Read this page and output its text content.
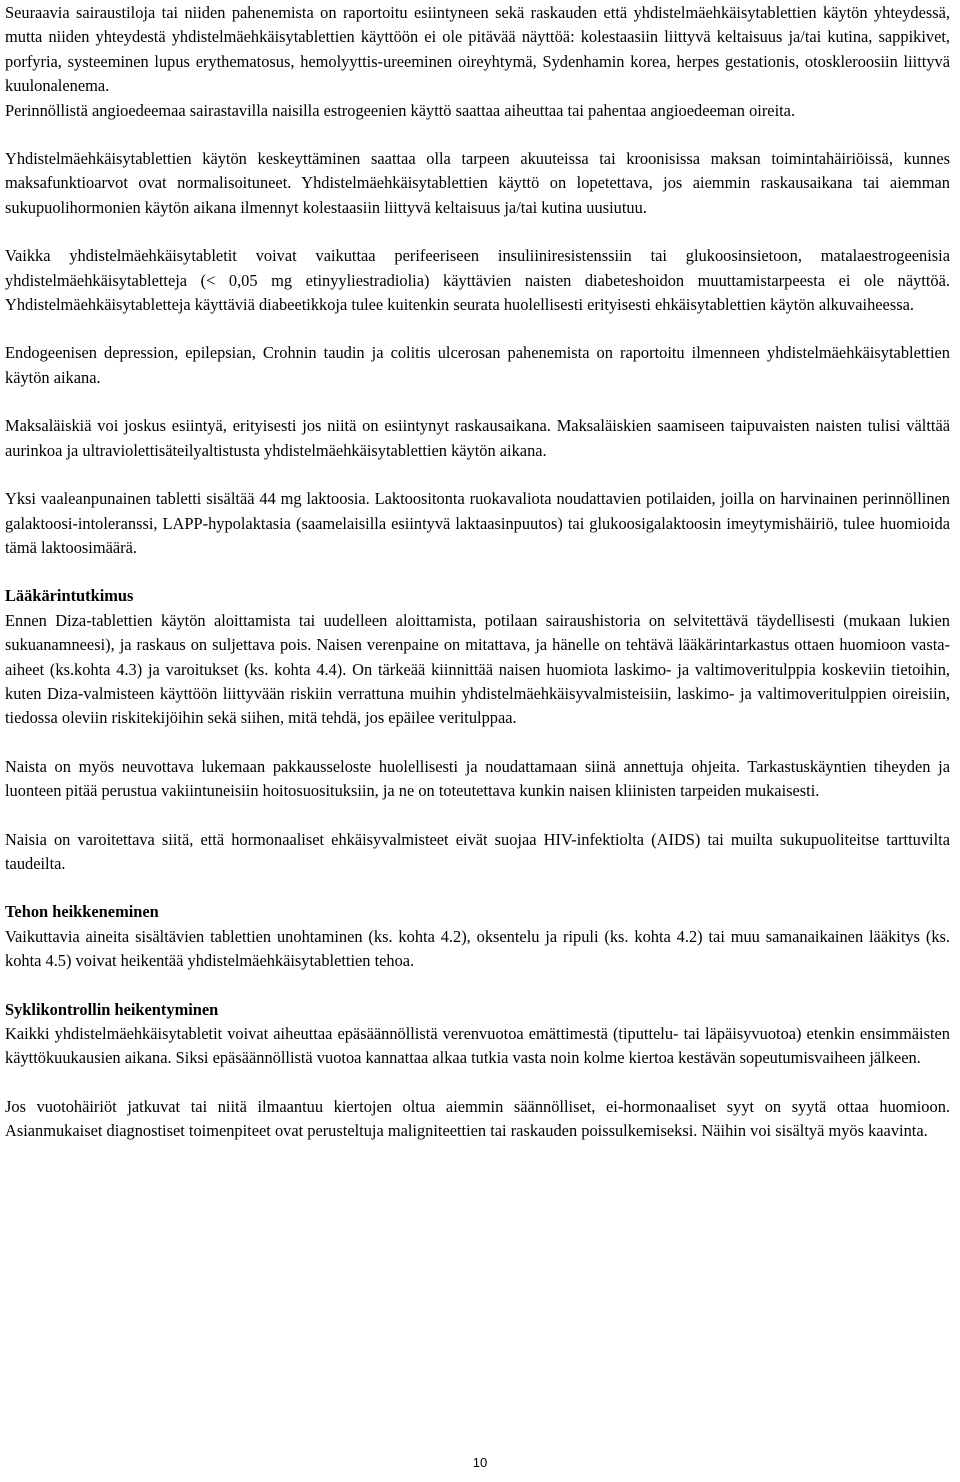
Seuraavia sairaustiloja tai niiden pahenemista on raportoitu esiintyneen sekä raskauden että yhdistelmäehkäisytablettien käytön yhteydessä, mutta niiden yhteydestä yhdistelmäehkäisytablettien käyttöön ei ole pitävää näyttöä: kolestaasiin liittyvä keltaisuus ja/tai kutina, sappikivet, porfyria, systeeminen lupus erythematosus, hemolyyttis-ureeminen oireyhtymä, Sydenhamin korea, herpes gestationis, otoskleroosiin liittyvä kuulonalenema.

Perinnöllistä angioedeemaa sairastavilla naisilla estrogeenien käyttö saattaa aiheuttaa tai pahentaa angioedeeman oireita.

Yhdistelmäehkäisytablettien käytön keskeyttäminen saattaa olla tarpeen akuuteissa tai kroonisissa maksan toimintahäiriöissä, kunnes maksafunktioarvot ovat normalisoituneet. Yhdistelmäehkäisytablettien käyttö on lopetettava, jos aiemmin raskausaikana tai aiemman sukupuolihormonien käytön aikana ilmennyt kolestaasiin liittyvä keltaisuus ja/tai kutina uusiutuu.

Vaikka yhdistelmäehkäisytabletit voivat vaikuttaa perifeeriseen insuliiniresistenssiin tai glukoosinsietoon, matalaestrogeenisia yhdistelmäehkäisytabletteja (< 0,05 mg etinyyliestradiolia) käyttävien naisten diabeteshoidon muuttamistarpeesta ei ole näyttöä. Yhdistelmäehkäisytabletteja käyttäviä diabeetikkoja tulee kuitenkin seurata huolellisesti erityisesti ehkäisytablettien käytön alkuvaiheessa.

Endogeenisen depression, epilepsian, Crohnin taudin ja colitis ulcerosan pahenemista on raportoitu ilmenneen yhdistelmäehkäisytablettien käytön aikana.

Maksaläiskiä voi joskus esiintyä, erityisesti jos niitä on esiintynyt raskausaikana. Maksaläiskien saamiseen taipuvaisten naisten tulisi välttää aurinkoa ja ultraviolettisäteilyaltistusta yhdistelmäehkäisytablettien käytön aikana.

Yksi vaaleanpunainen tabletti sisältää 44 mg laktoosia. Laktoositonta ruokavaliota noudattavien potilaiden, joilla on harvinainen perinnöllinen galaktoosi-intoleranssi, LAPP-hypolaktasia (saamelaisilla esiintyvä laktaasinpuutos) tai glukoosigalaktoosin imeytymishäiriö, tulee huomioida tämä laktoosimäärä.

Lääkärintutkimus

Ennen Diza-tablettien käytön aloittamista tai uudelleen aloittamista, potilaan sairaushistoria on selvitettävä täydellisesti (mukaan lukien sukuanamneesi), ja raskaus on suljettava pois. Naisen verenpaine on mitattava, ja hänelle on tehtävä lääkärintarkastus ottaen huomioon vasta-aiheet (ks.kohta 4.3) ja varoitukset (ks. kohta 4.4). On tärkeää kiinnittää naisen huomiota laskimo- ja valtimoveritulppia koskeviin tietoihin, kuten Diza-valmisteen käyttöön liittyvään riskiin verrattuna muihin yhdistelmäehkäisyvalmisteisiin, laskimo- ja valtimoveritulppien oireisiin, tiedossa oleviin riskitekijöihin sekä siihen, mitä tehdä, jos epäilee veritulppaa.

Naista on myös neuvottava lukemaan pakkausseloste huolellisesti ja noudattamaan siinä annettuja ohjeita. Tarkastuskäyntien tiheyden ja luonteen pitää perustua vakiintuneisiin hoitosuosituksiin, ja ne on toteutettava kunkin naisen kliinisten tarpeiden mukaisesti.

Naisia on varoitettava siitä, että hormonaaliset ehkäisyvalmisteet eivät suojaa HIV-infektiolta (AIDS) tai muilta sukupuoliteitse tarttuvilta taudeilta.

Tehon heikkeneminen

Vaikuttavia aineita sisältävien tablettien unohtaminen (ks. kohta 4.2), oksentelu ja ripuli (ks. kohta 4.2) tai muu samanaikainen lääkitys (ks. kohta 4.5) voivat heikentää yhdistelmäehkäisytablettien tehoa.

Syklikontrollin heikentyminen

Kaikki yhdistelmäehkäisytabletit voivat aiheuttaa epäsäännöllistä verenvuotoa emättimestä (tiputtelu- tai läpäisyvuotoa) etenkin ensimmäisten käyttökuukausien aikana. Siksi epäsäännöllistä vuotoa kannattaa alkaa tutkia vasta noin kolme kiertoa kestävän sopeutumisvaiheen jälkeen.

Jos vuotohäiriöt jatkuvat tai niitä ilmaantuu kiertojen oltua aiemmin säännölliset, ei-hormonaaliset syyt on syytä ottaa huomioon. Asianmukaiset diagnostiset toimenpiteet ovat perusteltuja maligniteettien tai raskauden poissulkemiseksi. Näihin voi sisältyä myös kaavinta.

10
